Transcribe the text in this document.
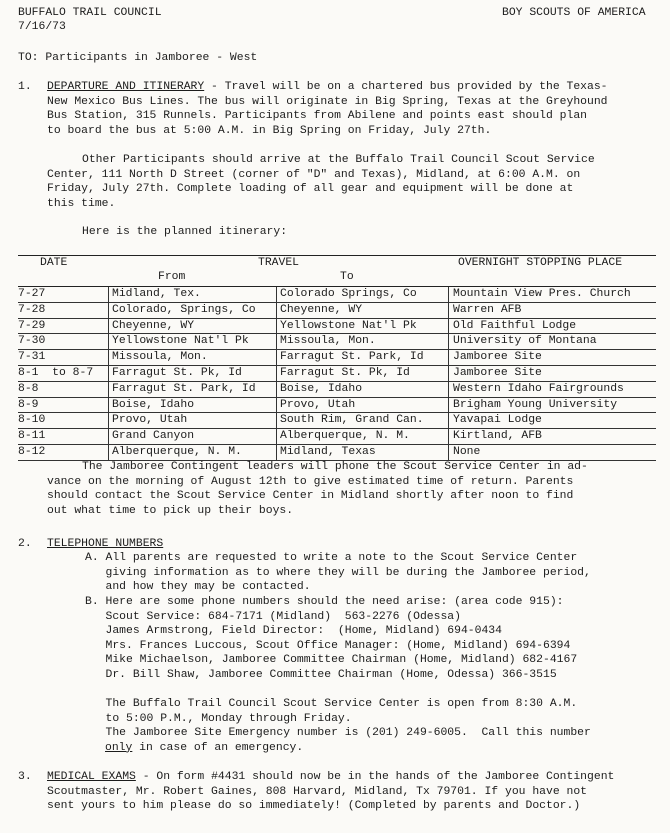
BUFFALO TRAIL COUNCIL
7/16/73
BOY SCOUTS OF AMERICA
TO: Participants in Jamboree - West
1. DEPARTURE AND ITINERARY - Travel will be on a chartered bus provided by the Texas-

New Mexico Bus Lines. The bus will originate in Big Spring, Texas at the Greyhound

Bus Station, 315 Runnels. Participants from Abilene and points east should plan

to board the bus at 5:00 A.M. in Big Spring on Friday, July 27th.

Other Participants should arrive at the Buffalo Trail Council Scout Service

Center, 111 North D Street (corner of "D" and Texas), Midland, at 6:00 A.M. on

Friday, July 27th. Complete loading of all gear and equipment will be done at

this time.

Here is the planned itinerary:
DATE	TRAVEL	OVERNIGHT STOPPING PLACE
From	To
7-27	Midland, Tex.	Colorado Springs, Co	Mountain View Pres. Church
7-28	Colorado, Springs, Co	Cheyenne, WY	Warren AFB
7-29	Cheyenne, WY	Yellowstone Nat'l Pk	Old Faithful Lodge
7-30	Yellowstone Nat'l Pk	Missoula, Mon.	University of Montana
7-31	Missoula, Mon.	Farragut St. Park, Id	Jamboree Site
8-1  to 8-7	Farragut St. Pk, Id	Farragut St. Pk, Id	Jamboree Site
8-8	Farragut St. Park, Id	Boise, Idaho	Western Idaho Fairgrounds
8-9	Boise, Idaho	Provo, Utah	Brigham Young University
8-10	Provo, Utah	South Rim, Grand Can.	Yavapai Lodge
8-11	Grand Canyon	Alberquerque, N. M.	Kirtland, AFB
8-12	Alberquerque, N. M.	Midland, Texas	None

The Jamboree Contingent leaders will phone the Scout Service Center in ad-

vance on the morning of August 12th to give estimated time of return. Parents

should contact the Scout Service Center in Midland shortly after noon to find

out what time to pick up their boys.

2. TELEPHONE NUMBERS

A. All parents are requested to write a note to the Scout Service Center

giving information as to where they will be during the Jamboree period,

and how they may be contacted.

B. Here are some phone numbers should the need arise: (area code 915):

Scout Service: 684-7171 (Midland)  563-2276 (Odessa)

James Armstrong, Field Director:  (Home, Midland) 694-0434

Mrs. Frances Luccous, Scout Office Manager: (Home, Midland) 694-6394

Mike Michaelson, Jamboree Committee Chairman (Home, Midland) 682-4167

Dr. Bill Shaw, Jamboree Committee Chairman (Home, Odessa) 366-3515

The Buffalo Trail Council Scout Service Center is open from 8:30 A.M.

to 5:00 P.M., Monday through Friday.

The Jamboree Site Emergency number is (201) 249-6005.  Call this number

only in case of an emergency.

3. MEDICAL EXAMS - On form #4431 should now be in the hands of the Jamboree Contingent

Scoutmaster, Mr. Robert Gaines, 808 Harvard, Midland, Tx 79701. If you have not

sent yours to him please do so immediately! (Completed by parents and Doctor.)
